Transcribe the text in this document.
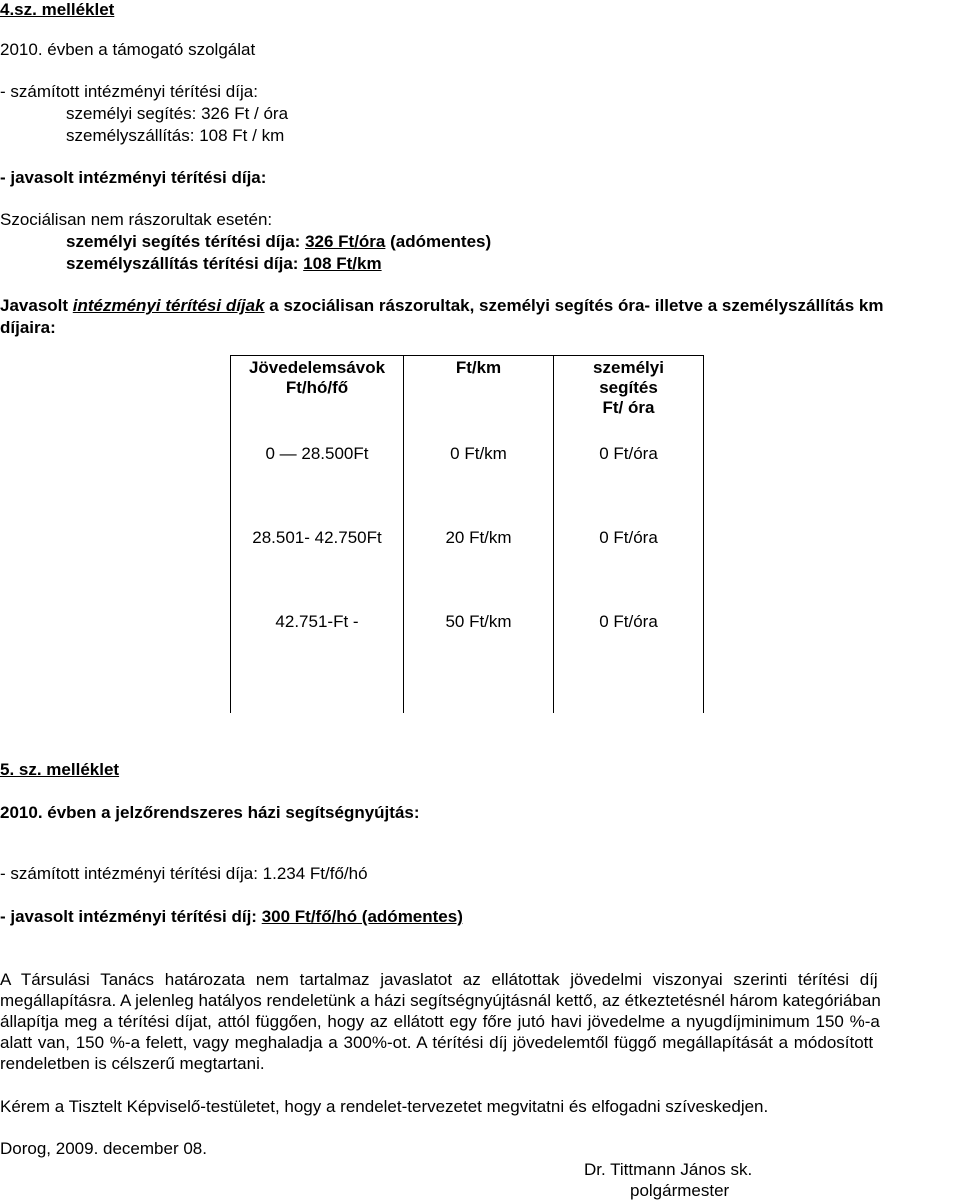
4.sz. melléklet
2010. évben a támogató szolgálat
- számított intézményi térítési díja:
személyi segítés: 326 Ft / óra
személyszállítás: 108 Ft / km
- javasolt intézményi térítési díja:
Szociálisan nem rászorultak esetén:
személyi segítés térítési díja: 326 Ft/óra (adómentes)
személyszállítás térítési díja: 108 Ft/km
Javasolt intézményi térítési díjak a szociálisan rászorultak, személyi segítés óra- illetve a személyszállítás km
díjaira:
Jövedelemsávok
Ft/hó/fő
0 — 28.500Ft
28.501- 42.750Ft
42.751-Ft -
Ft/km
0 Ft/km
20 Ft/km
50 Ft/km
személyi
segítés
Ft/ óra
0 Ft/óra
0 Ft/óra
0 Ft/óra
5. sz. melléklet
2010. évben a jelzőrendszeres házi segítségnyújtás:
- számított intézményi térítési díja: 1.234 Ft/fő/hó
- javasolt intézményi térítési díj: 300 Ft/fő/hó (adómentes)
A Társulási Tanács határozata nem tartalmaz javaslatot az ellátottak jövedelmi viszonyai szerinti térítési díj
megállapításra. A jelenleg hatályos rendeletünk a házi segítségnyújtásnál kettő, az étkeztetésnél három kategóriában
állapítja meg a térítési díjat, attól függően, hogy az ellátott egy főre jutó havi jövedelme a nyugdíjminimum 150 %-a
alatt van, 150 %-a felett, vagy meghaladja a 300%-ot. A térítési díj jövedelemtől függő megállapítását a módosított
rendeletben is célszerű megtartani.
Kérem a Tisztelt Képviselő-testületet, hogy a rendelet-tervezetet megvitatni és elfogadni szíveskedjen.
Dorog, 2009. december 08.
Dr. Tittmann János sk.
polgármester
